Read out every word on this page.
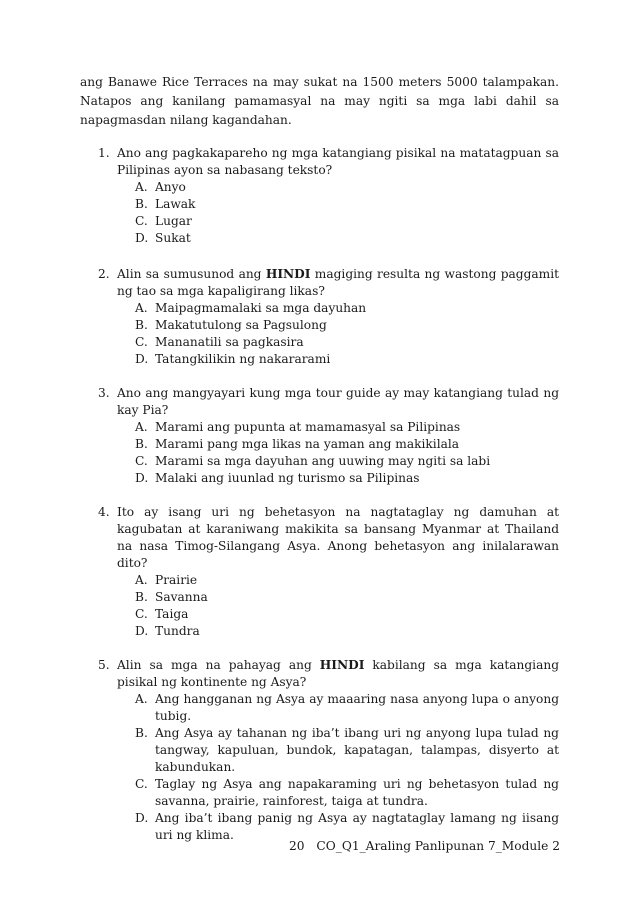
ang Banawe Rice Terraces na may sukat na 1500 meters 5000 talampakan. Natapos ang kanilang pamamasyal na may ngiti sa mga labi dahil sa napagmasdan nilang kagandahan.

1. Ano ang pagkakapareho ng mga katangiang pisikal na matatagpuan sa Pilipinas ayon sa nabasang teksto?
A. Anyo
B. Lawak
C. Lugar
D. Sukat
2. Alin sa sumusunod ang HINDI magiging resulta ng wastong paggamit ng tao sa mga kapaligirang likas?
A. Maipagmamalaki sa mga dayuhan
B. Makatutulong sa Pagsulong
C. Mananatili sa pagkasira
D. Tatangkilikin ng nakararami
3. Ano ang mangyayari kung mga tour guide ay may katangiang tulad ng kay Pia?
A. Marami ang pupunta at mamamasyal sa Pilipinas
B. Marami pang mga likas na yaman ang makikilala
C. Marami sa mga dayuhan ang uuwing may ngiti sa labi
D. Malaki ang iuunlad ng turismo sa Pilipinas
4. Ito ay isang uri ng behetasyon na nagtataglay ng damuhan at kagubatan at karaniwang makikita sa bansang Myanmar at Thailand na nasa Timog-Silangang Asya. Anong behetasyon ang inilalarawan dito?
A. Prairie
B. Savanna
C. Taiga
D. Tundra
5. Alin sa mga na pahayag ang HINDI kabilang sa mga katangiang pisikal ng kontinente ng Asya?
A. Ang hangganan ng Asya ay maaaring nasa anyong lupa o anyong tubig.
B. Ang Asya ay tahanan ng iba’t ibang uri ng anyong lupa tulad ng tangway, kapuluan, bundok, kapatagan, talampas, disyerto at kabundukan.
C. Taglay ng Asya ang napakaraming uri ng behetasyon tulad ng savanna, prairie, rainforest, taiga at tundra.
D. Ang iba’t ibang panig ng Asya ay nagtataglay lamang ng iisang uri ng klima.
20 CO_Q1_Araling Panlipunan 7_Module 2
